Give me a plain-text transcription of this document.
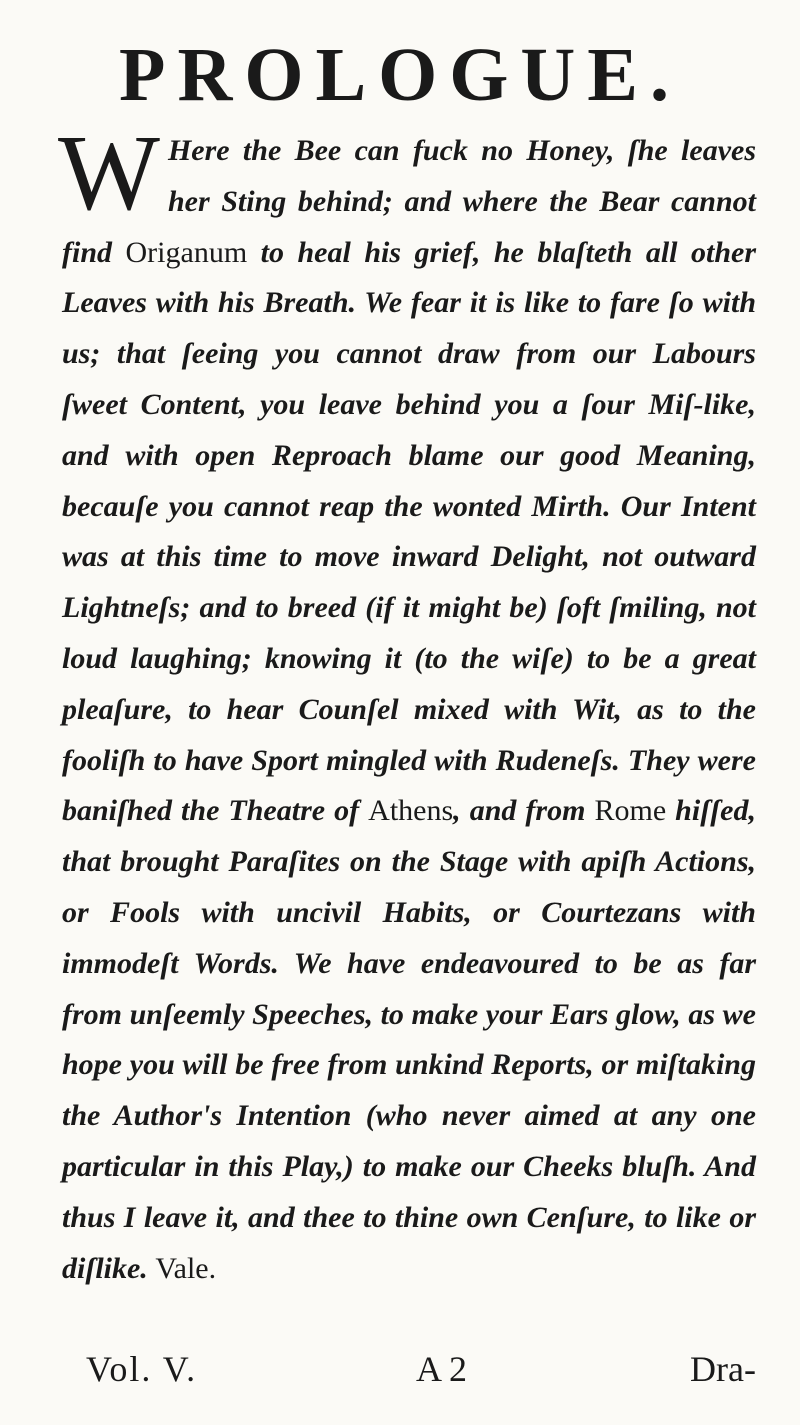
PROLOGUE.
W Here the Bee can fuck no Honey, ſhe leaves her Sting behind; and where the Bear cannot find Origanum to heal his grief, he blaſteth all other Leaves with his Breath. We fear it is like to fare ſo with us; that ſeeing you cannot draw from our Labours ſweet Content, you leave behind you a ſour Miſ-like, and with open Reproach blame our good Meaning, becauſe you cannot reap the wonted Mirth. Our Intent was at this time to move inward Delight, not outward Lightneſs; and to breed (if it might be) ſoft ſmiling, not loud laughing; knowing it (to the wiſe) to be a great pleaſure, to hear Counſel mixed with Wit, as to the fooliſh to have Sport mingled with Rudeneſs. They were baniſhed the Theatre of Athens, and from Rome hiſſed, that brought Paraſites on the Stage with apiſh Actions, or Fools with uncivil Habits, or Courtezans with immodeſt Words. We have endeavoured to be as far from unſeemly Speeches, to make your Ears glow, as we hope you will be free from unkind Reports, or miſtaking the Author's Intention (who never aimed at any one particular in this Play,) to make our Cheeks bluſh. And thus I leave it, and thee to thine own Cenſure, to like or diſlike. Vale.
Vol. V.	A 2	Dra-
